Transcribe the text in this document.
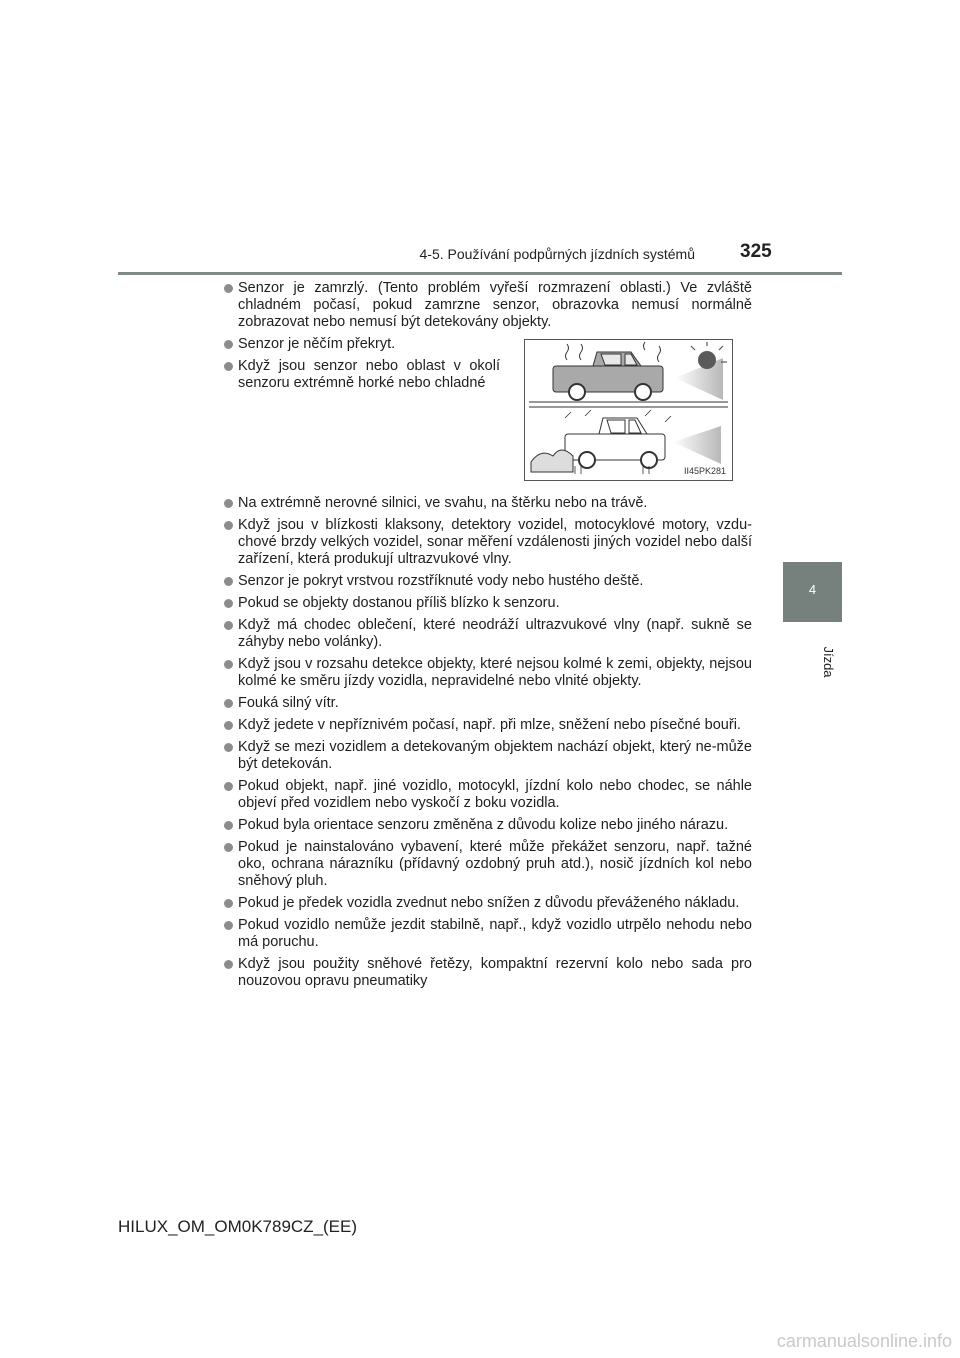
4-5. Používání podpůrných jízdních systémů 325
4
Jízda
Senzor je zamrzlý. (Tento problém vyřeší rozmrazení oblasti.) Ve zvláště chladném počasí, pokud zamrzne senzor, obrazovka nemusí normálně zobrazovat nebo nemusí být detekovány objekty.
Senzor je něčím překryt.
Když jsou senzor nebo oblast v okolí senzoru extrémně horké nebo chladné
Na extrémně nerovné silnici, ve svahu, na štěrku nebo na trávě.
Když jsou v blízkosti klaksony, detektory vozidel, motocyklové motory, vzdu-chové brzdy velkých vozidel, sonar měření vzdálenosti jiných vozidel nebo další zařízení, která produkují ultrazvukové vlny.
Senzor je pokryt vrstvou rozstříknuté vody nebo hustého deště.
Pokud se objekty dostanou příliš blízko k senzoru.
Když má chodec oblečení, které neodráží ultrazvukové vlny (např. sukně se záhyby nebo volánky).
Když jsou v rozsahu detekce objekty, které nejsou kolmé k zemi, objekty, nejsou kolmé ke směru jízdy vozidla, nepravidelné nebo vlnité objekty.
Fouká silný vítr.
Když jedete v nepříznivém počasí, např. při mlze, sněžení nebo písečné bouři.
Když se mezi vozidlem a detekovaným objektem nachází objekt, který ne-může být detekován.
Pokud objekt, např. jiné vozidlo, motocykl, jízdní kolo nebo chodec, se náhle objeví před vozidlem nebo vyskočí z boku vozidla.
Pokud byla orientace senzoru změněna z důvodu kolize nebo jiného nárazu.
Pokud je nainstalováno vybavení, které může překážet senzoru, např. tažné oko, ochrana nárazníku (přídavný ozdobný pruh atd.), nosič jízdních kol nebo sněhový pluh.
Pokud je předek vozidla zvednut nebo snížen z důvodu převáženého nákladu.
Pokud vozidlo nemůže jezdit stabilně, např., když vozidlo utrpělo nehodu nebo má poruchu.
Když jsou použity sněhové řetězy, kompaktní rezervní kolo nebo sada pro nouzovou opravu pneumatiky
II45PK281
HILUX_OM_OM0K789CZ_(EE)
carmanualsonline.info
